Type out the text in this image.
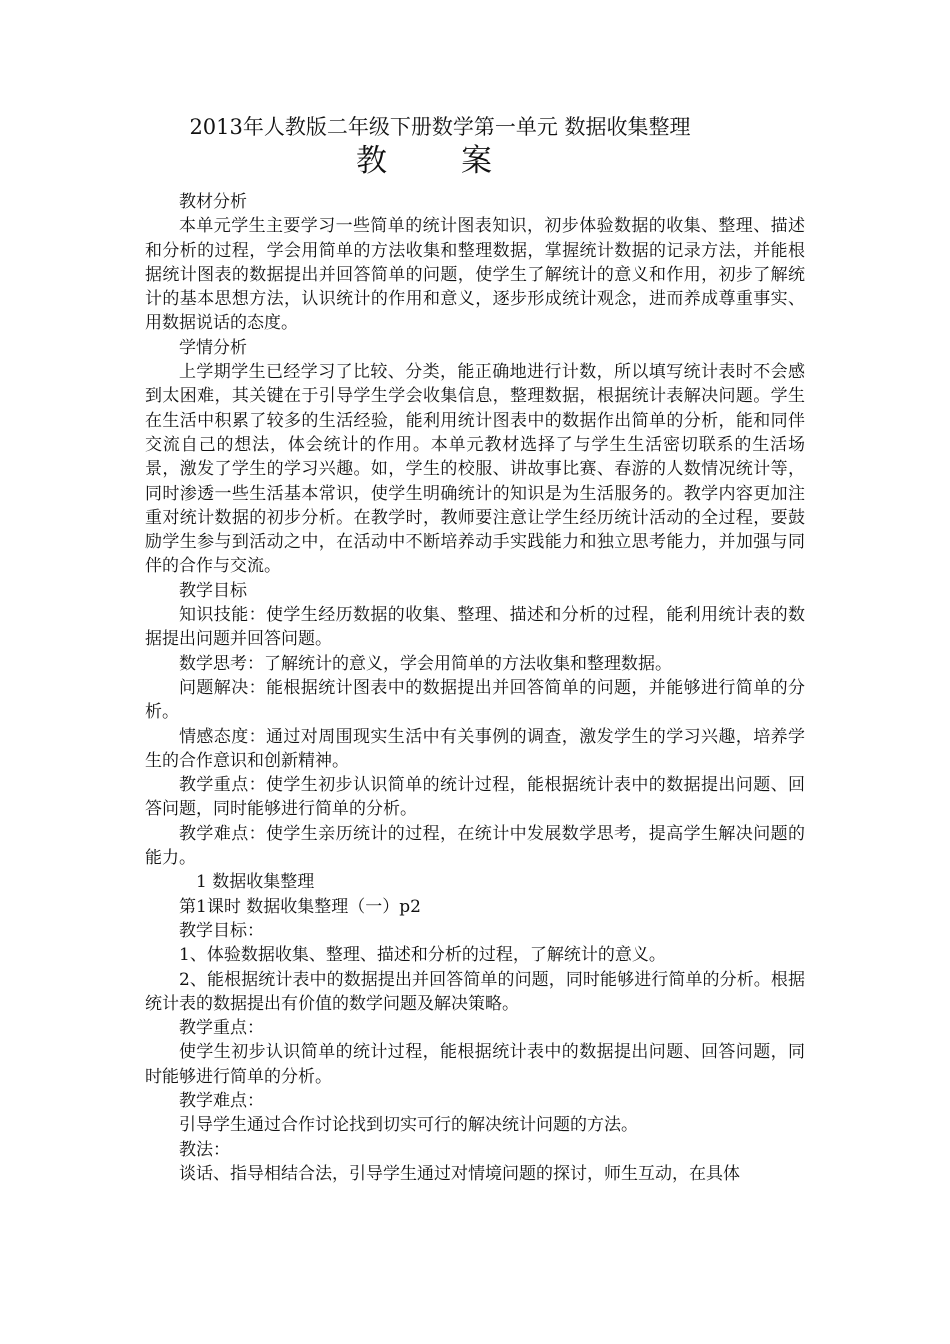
2013年人教版二年级下册数学第一单元 数据收集整理
教 案

教材分析

本单元学生主要学习一些简单的统计图表知识，初步体验数据的收集、整理、描述和分析的过程，学会用简单的方法收集和整理数据，掌握统计数据的记录方法，并能根据统计图表的数据提出并回答简单的问题，使学生了解统计的意义和作用，初步了解统计的基本思想方法，认识统计的作用和意义，逐步形成统计观念，进而养成尊重事实、用数据说话的态度。

学情分析

上学期学生已经学习了比较、分类，能正确地进行计数，所以填写统计表时不会感到太困难，其关键在于引导学生学会收集信息，整理数据，根据统计表解决问题。学生在生活中积累了较多的生活经验，能利用统计图表中的数据作出简单的分析，能和同伴交流自己的想法，体会统计的作用。本单元教材选择了与学生生活密切联系的生活场景，激发了学生的学习兴趣。如，学生的校服、讲故事比赛、春游的人数情况统计等，同时渗透一些生活基本常识，使学生明确统计的知识是为生活服务的。教学内容更加注重对统计数据的初步分析。在教学时，教师要注意让学生经历统计活动的全过程，要鼓励学生参与到活动之中，在活动中不断培养动手实践能力和独立思考能力，并加强与同伴的合作与交流。

教学目标

知识技能：使学生经历数据的收集、整理、描述和分析的过程，能利用统计表的数据提出问题并回答问题。

数学思考：了解统计的意义，学会用简单的方法收集和整理数据。

问题解决：能根据统计图表中的数据提出并回答简单的问题，并能够进行简单的分析。

情感态度：通过对周围现实生活中有关事例的调查，激发学生的学习兴趣，培养学生的合作意识和创新精神。

教学重点：使学生初步认识简单的统计过程，能根据统计表中的数据提出问题、回答问题，同时能够进行简单的分析。

教学难点：使学生亲历统计的过程，在统计中发展数学思考，提高学生解决问题的能力。

1 数据收集整理

第1课时 数据收集整理（一）p2

教学目标：

1、体验数据收集、整理、描述和分析的过程，了解统计的意义。

2、能根据统计表中的数据提出并回答简单的问题，同时能够进行简单的分析。根据统计表的数据提出有价值的数学问题及解决策略。

教学重点：

使学生初步认识简单的统计过程，能根据统计表中的数据提出问题、回答问题，同时能够进行简单的分析。

教学难点：

引导学生通过合作讨论找到切实可行的解决统计问题的方法。

教法：

谈话、指导相结合法，引导学生通过对情境问题的探讨，师生互动，在具体
